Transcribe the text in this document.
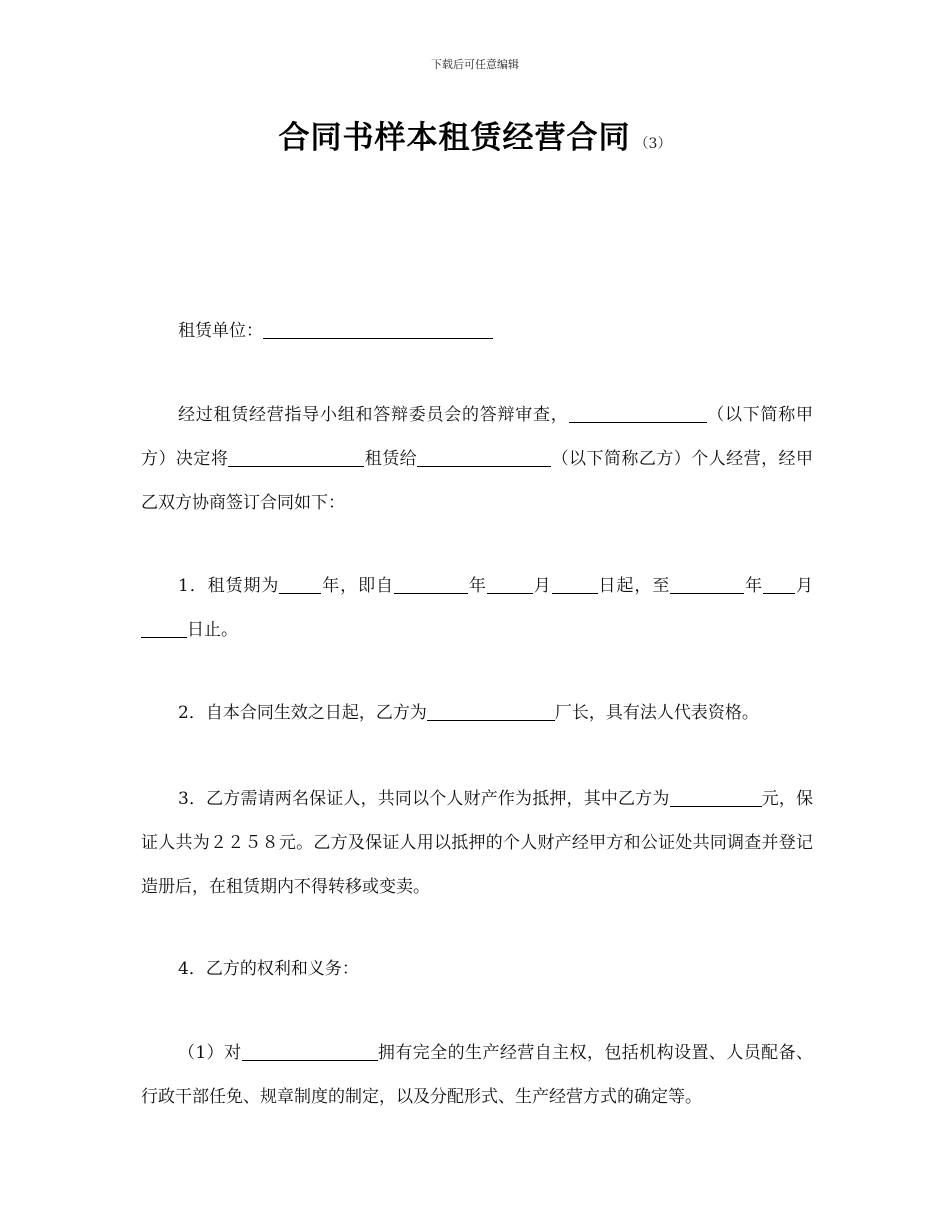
下载后可任意编辑
合同书样本租赁经营合同 （3）
租赁单位：
经过租赁经营指导小组和答辩委员会的答辩审查，	（以下简称甲方）决定将	租赁给	（以下简称乙方）个人经营，经甲乙双方协商签订合同如下：
1．租赁期为 年，即自	年	月	日起，至	年 月日止。
2．自本合同生效之日起，乙方为	厂长，具有法人代表资格。
3．乙方需请两名保证人，共同以个人财产作为抵押，其中乙方为	元，保证人共为２２５８元。乙方及保证人用以抵押的个人财产经甲方和公证处共同调查并登记造册后，在租赁期内不得转移或变卖。
4．乙方的权利和义务：
（1）对	拥有完全的生产经营自主权，包括机构设置、人员配备、行政干部任免、规章制度的制定，以及分配形式、生产经营方式的确定等。
